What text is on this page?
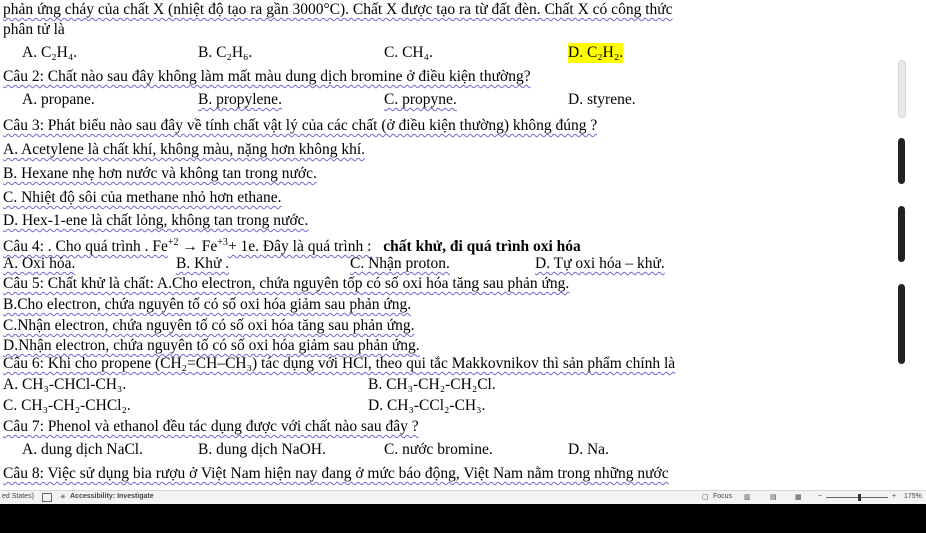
phản ứng cháy của chất X (nhiệt độ tạo ra gần 3000°C). Chất X được tạo ra từ đất đèn. Chất X có công thức
phân tử là
A. C₂H₄.	B. C₂H₆.	C. CH₄.	D. C₂H₂.
Câu 2: Chất nào sau đây không làm mất màu dung dịch bromine ở điều kiện thường?
A. propane.	B. propylene.	C. propyne.	D. styrene.
Câu 3: Phát biểu nào sau đây về tính chất vật lý của các chất (ở điều kiện thường) không đúng ?
A. Acetylene là chất khí, không màu, nặng hơn không khí.
B. Hexane nhẹ hơn nước và không tan trong nước.
C. Nhiệt độ sôi của methane nhỏ hơn ethane.
D. Hex-1-ene là chất lỏng, không tan trong nước.
Câu 4: . Cho quá trình . $Fe^{+2} \to Fe^{+3}+ 1e$. Đây là quá trình : chất khử, đi quá trình oxi hóa
A. Oxi hóa.	B. Khử .	C. Nhận proton.	D. Tự oxi hóa – khử.
Câu 5: Chất khử là chất: A.Cho electron, chứa nguyên tốp có số oxi hóa tăng sau phản ứng.
B.Cho electron, chứa nguyên tố có số oxi hóa giảm sau phản ứng.
C.Nhận electron, chứa nguyên tố có số oxi hóa tăng sau phản ứng.
D.Nhận electron, chứa nguyên tố có số oxi hóa giảm sau phản ứng.
Câu 6: Khi cho propene (CH₂=CH–CH₃) tác dụng với HCl, theo qui tắc Makkovnikov thì sản phẩm chính là
A. CH₃-CHCl-CH₃.	B. CH₃-CH₂-CH₂Cl.
C. CH₃-CH₂-CHCl₂.	D. CH₃-CCl₂-CH₃.
Câu 7: Phenol và ethanol đều tác dụng được với chất nào sau đây ?
A. dung dịch NaCl.	B. dung dịch NaOH.	C. nước bromine.	D. Na.
Câu 8: Việc sử dụng bia rượu ở Việt Nam hiện nay đang ở mức báo động, Việt Nam nằm trong những nước
ed States)	✳ Accessibility: Investigate	▢ Focus ▥	▤	▦ −	+ 175%
